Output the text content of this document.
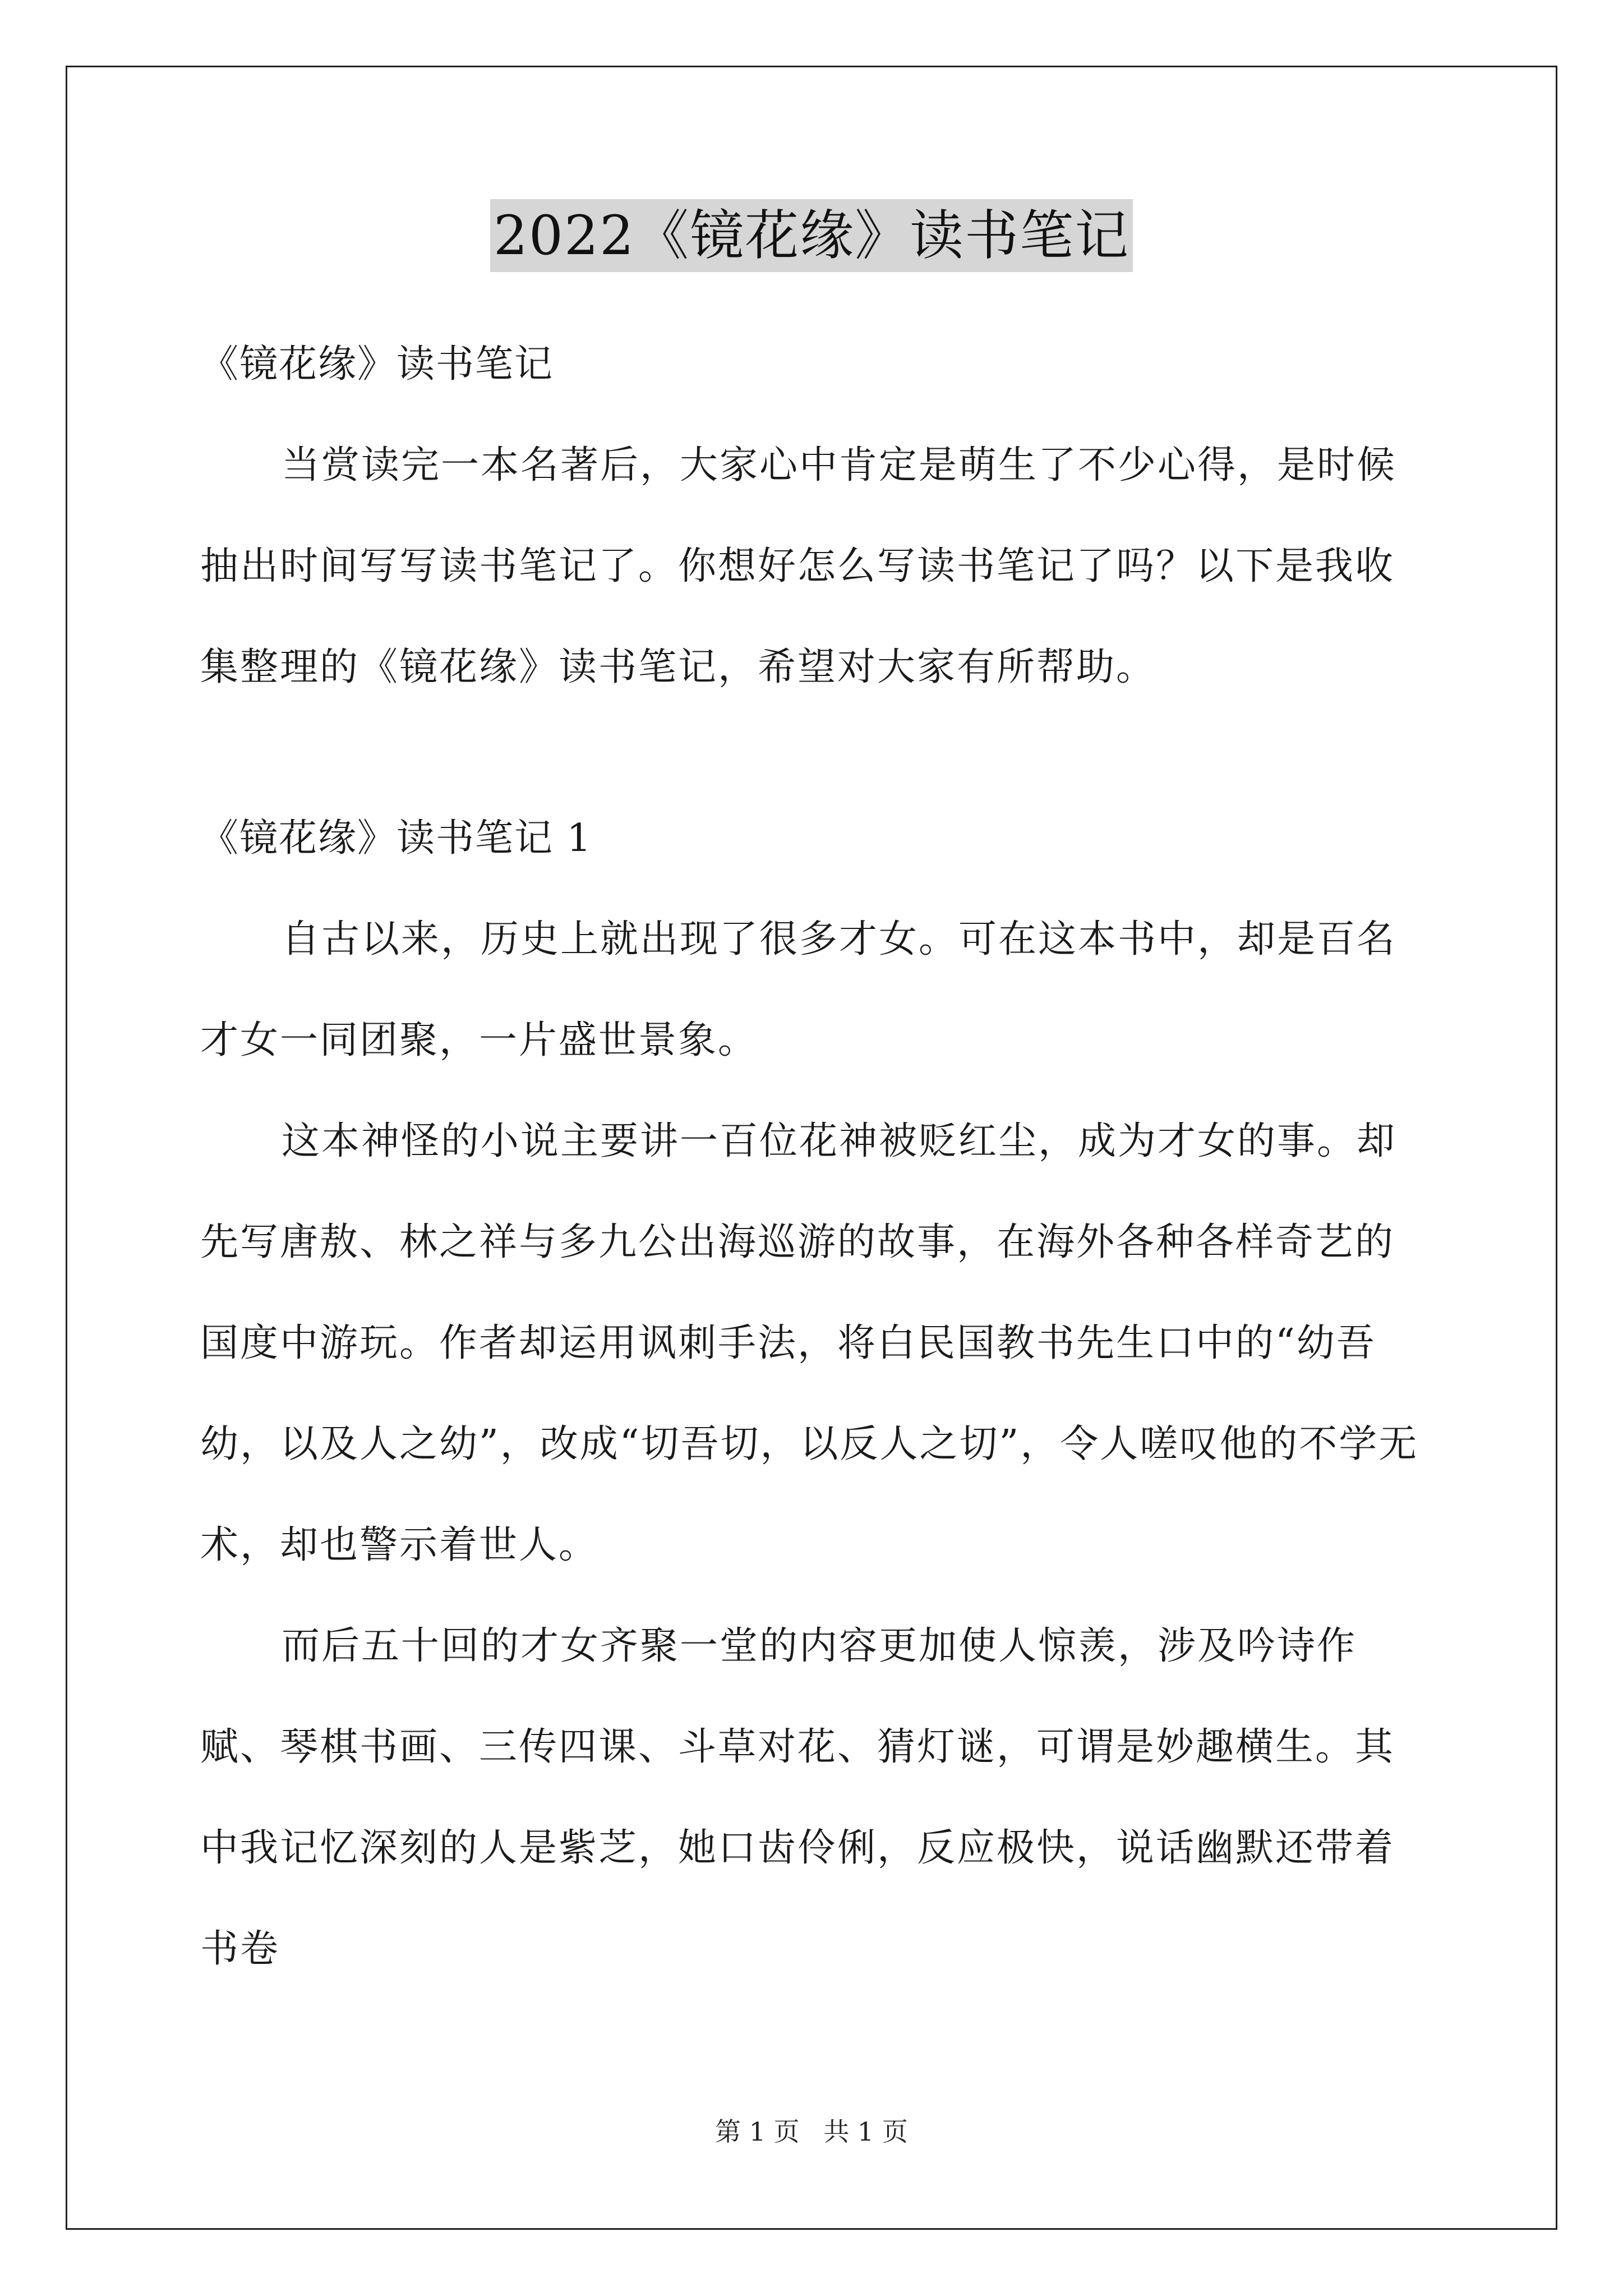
2022《镜花缘》读书笔记

《镜花缘》读书笔记

当赏读完一本名著后，大家心中肯定是萌生了不少心得，是时候抽出时间写写读书笔记了。你想好怎么写读书笔记了吗？以下是我收集整理的《镜花缘》读书笔记，希望对大家有所帮助。

《镜花缘》读书笔记 1

自古以来，历史上就出现了很多才女。可在这本书中，却是百名才女一同团聚，一片盛世景象。

这本神怪的小说主要讲一百位花神被贬红尘，成为才女的事。却先写唐敖、林之祥与多九公出海巡游的故事，在海外各种各样奇艺的国度中游玩。作者却运用讽刺手法，将白民国教书先生口中的“幼吾幼，以及人之幼”，改成“切吾切，以反人之切”，令人嗟叹他的不学无术，却也警示着世人。

而后五十回的才女齐聚一堂的内容更加使人惊羡，涉及吟诗作赋、琴棋书画、三传四课、斗草对花、猜灯谜，可谓是妙趣横生。其中我记忆深刻的人是紫芝，她口齿伶俐，反应极快，说话幽默还带着书卷

第 1 页 共 1 页
